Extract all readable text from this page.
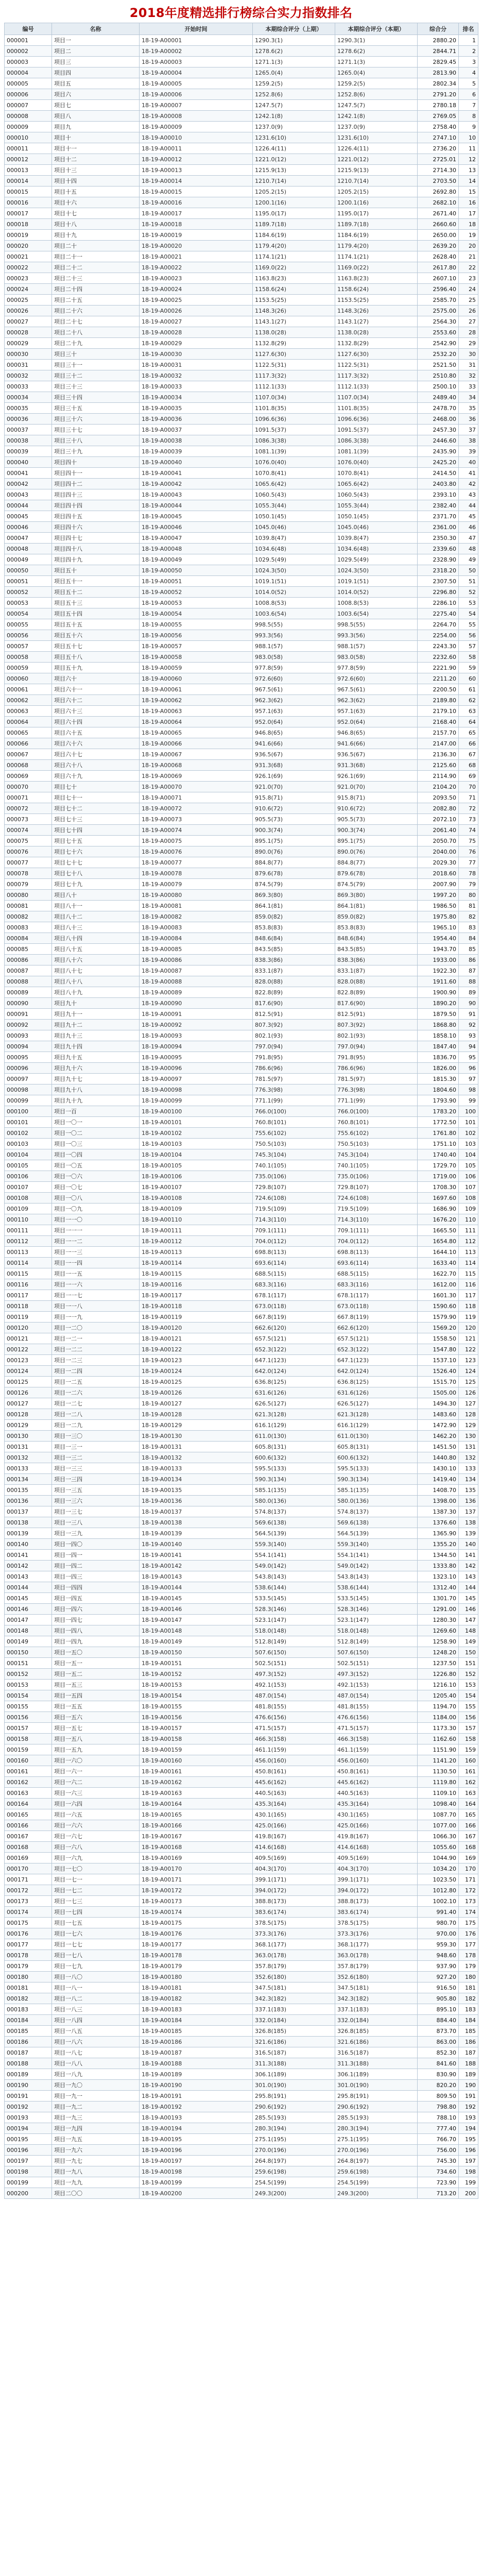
2018年度精选排行榜综合实力指数排名
编号	名称	开始时间	本期综合评分（上期）	本期综合评分（本期）	综合分	排名
000001	项目一	18-19-A00001	1290.3(1)	1290.3(1)	2880.20	1
000002	项目二	18-19-A00002	1278.6(2)	1278.6(2)	2844.71	2
000003	项目三	18-19-A00003	1271.1(3)	1271.1(3)	2829.45	3
000004	项目四	18-19-A00004	1265.0(4)	1265.0(4)	2813.90	4
000005	项目五	18-19-A00005	1259.2(5)	1259.2(5)	2802.34	5
000006	项目六	18-19-A00006	1252.8(6)	1252.8(6)	2791.20	6
000007	项目七	18-19-A00007	1247.5(7)	1247.5(7)	2780.18	7
000008	项目八	18-19-A00008	1242.1(8)	1242.1(8)	2769.05	8
000009	项目九	18-19-A00009	1237.0(9)	1237.0(9)	2758.40	9
000010	项目十	18-19-A00010	1231.6(10)	1231.6(10)	2747.10	10
000011	项目十一	18-19-A00011	1226.4(11)	1226.4(11)	2736.20	11
000012	项目十二	18-19-A00012	1221.0(12)	1221.0(12)	2725.01	12
000013	项目十三	18-19-A00013	1215.9(13)	1215.9(13)	2714.30	13
000014	项目十四	18-19-A00014	1210.7(14)	1210.7(14)	2703.50	14
000015	项目十五	18-19-A00015	1205.2(15)	1205.2(15)	2692.80	15
000016	项目十六	18-19-A00016	1200.1(16)	1200.1(16)	2682.10	16
000017	项目十七	18-19-A00017	1195.0(17)	1195.0(17)	2671.40	17
000018	项目十八	18-19-A00018	1189.7(18)	1189.7(18)	2660.60	18
000019	项目十九	18-19-A00019	1184.6(19)	1184.6(19)	2650.00	19
000020	项目二十	18-19-A00020	1179.4(20)	1179.4(20)	2639.20	20
000021	项目二十一	18-19-A00021	1174.1(21)	1174.1(21)	2628.40	21
000022	项目二十二	18-19-A00022	1169.0(22)	1169.0(22)	2617.80	22
000023	项目二十三	18-19-A00023	1163.8(23)	1163.8(23)	2607.10	23
000024	项目二十四	18-19-A00024	1158.6(24)	1158.6(24)	2596.40	24
000025	项目二十五	18-19-A00025	1153.5(25)	1153.5(25)	2585.70	25
000026	项目二十六	18-19-A00026	1148.3(26)	1148.3(26)	2575.00	26
000027	项目二十七	18-19-A00027	1143.1(27)	1143.1(27)	2564.30	27
000028	项目二十八	18-19-A00028	1138.0(28)	1138.0(28)	2553.60	28
000029	项目二十九	18-19-A00029	1132.8(29)	1132.8(29)	2542.90	29
000030	项目三十	18-19-A00030	1127.6(30)	1127.6(30)	2532.20	30
000031	项目三十一	18-19-A00031	1122.5(31)	1122.5(31)	2521.50	31
000032	项目三十二	18-19-A00032	1117.3(32)	1117.3(32)	2510.80	32
000033	项目三十三	18-19-A00033	1112.1(33)	1112.1(33)	2500.10	33
000034	项目三十四	18-19-A00034	1107.0(34)	1107.0(34)	2489.40	34
000035	项目三十五	18-19-A00035	1101.8(35)	1101.8(35)	2478.70	35
000036	项目三十六	18-19-A00036	1096.6(36)	1096.6(36)	2468.00	36
000037	项目三十七	18-19-A00037	1091.5(37)	1091.5(37)	2457.30	37
000038	项目三十八	18-19-A00038	1086.3(38)	1086.3(38)	2446.60	38
000039	项目三十九	18-19-A00039	1081.1(39)	1081.1(39)	2435.90	39
000040	项目四十	18-19-A00040	1076.0(40)	1076.0(40)	2425.20	40
000041	项目四十一	18-19-A00041	1070.8(41)	1070.8(41)	2414.50	41
000042	项目四十二	18-19-A00042	1065.6(42)	1065.6(42)	2403.80	42
000043	项目四十三	18-19-A00043	1060.5(43)	1060.5(43)	2393.10	43
000044	项目四十四	18-19-A00044	1055.3(44)	1055.3(44)	2382.40	44
000045	项目四十五	18-19-A00045	1050.1(45)	1050.1(45)	2371.70	45
000046	项目四十六	18-19-A00046	1045.0(46)	1045.0(46)	2361.00	46
000047	项目四十七	18-19-A00047	1039.8(47)	1039.8(47)	2350.30	47
000048	项目四十八	18-19-A00048	1034.6(48)	1034.6(48)	2339.60	48
000049	项目四十九	18-19-A00049	1029.5(49)	1029.5(49)	2328.90	49
000050	项目五十	18-19-A00050	1024.3(50)	1024.3(50)	2318.20	50
000051	项目五十一	18-19-A00051	1019.1(51)	1019.1(51)	2307.50	51
000052	项目五十二	18-19-A00052	1014.0(52)	1014.0(52)	2296.80	52
000053	项目五十三	18-19-A00053	1008.8(53)	1008.8(53)	2286.10	53
000054	项目五十四	18-19-A00054	1003.6(54)	1003.6(54)	2275.40	54
000055	项目五十五	18-19-A00055	998.5(55)	998.5(55)	2264.70	55
000056	项目五十六	18-19-A00056	993.3(56)	993.3(56)	2254.00	56
000057	项目五十七	18-19-A00057	988.1(57)	988.1(57)	2243.30	57
000058	项目五十八	18-19-A00058	983.0(58)	983.0(58)	2232.60	58
000059	项目五十九	18-19-A00059	977.8(59)	977.8(59)	2221.90	59
000060	项目六十	18-19-A00060	972.6(60)	972.6(60)	2211.20	60
000061	项目六十一	18-19-A00061	967.5(61)	967.5(61)	2200.50	61
000062	项目六十二	18-19-A00062	962.3(62)	962.3(62)	2189.80	62
000063	项目六十三	18-19-A00063	957.1(63)	957.1(63)	2179.10	63
000064	项目六十四	18-19-A00064	952.0(64)	952.0(64)	2168.40	64
000065	项目六十五	18-19-A00065	946.8(65)	946.8(65)	2157.70	65
000066	项目六十六	18-19-A00066	941.6(66)	941.6(66)	2147.00	66
000067	项目六十七	18-19-A00067	936.5(67)	936.5(67)	2136.30	67
000068	项目六十八	18-19-A00068	931.3(68)	931.3(68)	2125.60	68
000069	项目六十九	18-19-A00069	926.1(69)	926.1(69)	2114.90	69
000070	项目七十	18-19-A00070	921.0(70)	921.0(70)	2104.20	70
000071	项目七十一	18-19-A00071	915.8(71)	915.8(71)	2093.50	71
000072	项目七十二	18-19-A00072	910.6(72)	910.6(72)	2082.80	72
000073	项目七十三	18-19-A00073	905.5(73)	905.5(73)	2072.10	73
000074	项目七十四	18-19-A00074	900.3(74)	900.3(74)	2061.40	74
000075	项目七十五	18-19-A00075	895.1(75)	895.1(75)	2050.70	75
000076	项目七十六	18-19-A00076	890.0(76)	890.0(76)	2040.00	76
000077	项目七十七	18-19-A00077	884.8(77)	884.8(77)	2029.30	77
000078	项目七十八	18-19-A00078	879.6(78)	879.6(78)	2018.60	78
000079	项目七十九	18-19-A00079	874.5(79)	874.5(79)	2007.90	79
000080	项目八十	18-19-A00080	869.3(80)	869.3(80)	1997.20	80
000081	项目八十一	18-19-A00081	864.1(81)	864.1(81)	1986.50	81
000082	项目八十二	18-19-A00082	859.0(82)	859.0(82)	1975.80	82
000083	项目八十三	18-19-A00083	853.8(83)	853.8(83)	1965.10	83
000084	项目八十四	18-19-A00084	848.6(84)	848.6(84)	1954.40	84
000085	项目八十五	18-19-A00085	843.5(85)	843.5(85)	1943.70	85
000086	项目八十六	18-19-A00086	838.3(86)	838.3(86)	1933.00	86
000087	项目八十七	18-19-A00087	833.1(87)	833.1(87)	1922.30	87
000088	项目八十八	18-19-A00088	828.0(88)	828.0(88)	1911.60	88
000089	项目八十九	18-19-A00089	822.8(89)	822.8(89)	1900.90	89
000090	项目九十	18-19-A00090	817.6(90)	817.6(90)	1890.20	90
000091	项目九十一	18-19-A00091	812.5(91)	812.5(91)	1879.50	91
000092	项目九十二	18-19-A00092	807.3(92)	807.3(92)	1868.80	92
000093	项目九十三	18-19-A00093	802.1(93)	802.1(93)	1858.10	93
000094	项目九十四	18-19-A00094	797.0(94)	797.0(94)	1847.40	94
000095	项目九十五	18-19-A00095	791.8(95)	791.8(95)	1836.70	95
000096	项目九十六	18-19-A00096	786.6(96)	786.6(96)	1826.00	96
000097	项目九十七	18-19-A00097	781.5(97)	781.5(97)	1815.30	97
000098	项目九十八	18-19-A00098	776.3(98)	776.3(98)	1804.60	98
000099	项目九十九	18-19-A00099	771.1(99)	771.1(99)	1793.90	99
000100	项目一百	18-19-A00100	766.0(100)	766.0(100)	1783.20	100
000101	项目一〇一	18-19-A00101	760.8(101)	760.8(101)	1772.50	101
000102	项目一〇二	18-19-A00102	755.6(102)	755.6(102)	1761.80	102
000103	项目一〇三	18-19-A00103	750.5(103)	750.5(103)	1751.10	103
000104	项目一〇四	18-19-A00104	745.3(104)	745.3(104)	1740.40	104
000105	项目一〇五	18-19-A00105	740.1(105)	740.1(105)	1729.70	105
000106	项目一〇六	18-19-A00106	735.0(106)	735.0(106)	1719.00	106
000107	项目一〇七	18-19-A00107	729.8(107)	729.8(107)	1708.30	107
000108	项目一〇八	18-19-A00108	724.6(108)	724.6(108)	1697.60	108
000109	项目一〇九	18-19-A00109	719.5(109)	719.5(109)	1686.90	109
000110	项目一一〇	18-19-A00110	714.3(110)	714.3(110)	1676.20	110
000111	项目一一一	18-19-A00111	709.1(111)	709.1(111)	1665.50	111
000112	项目一一二	18-19-A00112	704.0(112)	704.0(112)	1654.80	112
000113	项目一一三	18-19-A00113	698.8(113)	698.8(113)	1644.10	113
000114	项目一一四	18-19-A00114	693.6(114)	693.6(114)	1633.40	114
000115	项目一一五	18-19-A00115	688.5(115)	688.5(115)	1622.70	115
000116	项目一一六	18-19-A00116	683.3(116)	683.3(116)	1612.00	116
000117	项目一一七	18-19-A00117	678.1(117)	678.1(117)	1601.30	117
000118	项目一一八	18-19-A00118	673.0(118)	673.0(118)	1590.60	118
000119	项目一一九	18-19-A00119	667.8(119)	667.8(119)	1579.90	119
000120	项目一二〇	18-19-A00120	662.6(120)	662.6(120)	1569.20	120
000121	项目一二一	18-19-A00121	657.5(121)	657.5(121)	1558.50	121
000122	项目一二二	18-19-A00122	652.3(122)	652.3(122)	1547.80	122
000123	项目一二三	18-19-A00123	647.1(123)	647.1(123)	1537.10	123
000124	项目一二四	18-19-A00124	642.0(124)	642.0(124)	1526.40	124
000125	项目一二五	18-19-A00125	636.8(125)	636.8(125)	1515.70	125
000126	项目一二六	18-19-A00126	631.6(126)	631.6(126)	1505.00	126
000127	项目一二七	18-19-A00127	626.5(127)	626.5(127)	1494.30	127
000128	项目一二八	18-19-A00128	621.3(128)	621.3(128)	1483.60	128
000129	项目一二九	18-19-A00129	616.1(129)	616.1(129)	1472.90	129
000130	项目一三〇	18-19-A00130	611.0(130)	611.0(130)	1462.20	130
000131	项目一三一	18-19-A00131	605.8(131)	605.8(131)	1451.50	131
000132	项目一三二	18-19-A00132	600.6(132)	600.6(132)	1440.80	132
000133	项目一三三	18-19-A00133	595.5(133)	595.5(133)	1430.10	133
000134	项目一三四	18-19-A00134	590.3(134)	590.3(134)	1419.40	134
000135	项目一三五	18-19-A00135	585.1(135)	585.1(135)	1408.70	135
000136	项目一三六	18-19-A00136	580.0(136)	580.0(136)	1398.00	136
000137	项目一三七	18-19-A00137	574.8(137)	574.8(137)	1387.30	137
000138	项目一三八	18-19-A00138	569.6(138)	569.6(138)	1376.60	138
000139	项目一三九	18-19-A00139	564.5(139)	564.5(139)	1365.90	139
000140	项目一四〇	18-19-A00140	559.3(140)	559.3(140)	1355.20	140
000141	项目一四一	18-19-A00141	554.1(141)	554.1(141)	1344.50	141
000142	项目一四二	18-19-A00142	549.0(142)	549.0(142)	1333.80	142
000143	项目一四三	18-19-A00143	543.8(143)	543.8(143)	1323.10	143
000144	项目一四四	18-19-A00144	538.6(144)	538.6(144)	1312.40	144
000145	项目一四五	18-19-A00145	533.5(145)	533.5(145)	1301.70	145
000146	项目一四六	18-19-A00146	528.3(146)	528.3(146)	1291.00	146
000147	项目一四七	18-19-A00147	523.1(147)	523.1(147)	1280.30	147
000148	项目一四八	18-19-A00148	518.0(148)	518.0(148)	1269.60	148
000149	项目一四九	18-19-A00149	512.8(149)	512.8(149)	1258.90	149
000150	项目一五〇	18-19-A00150	507.6(150)	507.6(150)	1248.20	150
000151	项目一五一	18-19-A00151	502.5(151)	502.5(151)	1237.50	151
000152	项目一五二	18-19-A00152	497.3(152)	497.3(152)	1226.80	152
000153	项目一五三	18-19-A00153	492.1(153)	492.1(153)	1216.10	153
000154	项目一五四	18-19-A00154	487.0(154)	487.0(154)	1205.40	154
000155	项目一五五	18-19-A00155	481.8(155)	481.8(155)	1194.70	155
000156	项目一五六	18-19-A00156	476.6(156)	476.6(156)	1184.00	156
000157	项目一五七	18-19-A00157	471.5(157)	471.5(157)	1173.30	157
000158	项目一五八	18-19-A00158	466.3(158)	466.3(158)	1162.60	158
000159	项目一五九	18-19-A00159	461.1(159)	461.1(159)	1151.90	159
000160	项目一六〇	18-19-A00160	456.0(160)	456.0(160)	1141.20	160
000161	项目一六一	18-19-A00161	450.8(161)	450.8(161)	1130.50	161
000162	项目一六二	18-19-A00162	445.6(162)	445.6(162)	1119.80	162
000163	项目一六三	18-19-A00163	440.5(163)	440.5(163)	1109.10	163
000164	项目一六四	18-19-A00164	435.3(164)	435.3(164)	1098.40	164
000165	项目一六五	18-19-A00165	430.1(165)	430.1(165)	1087.70	165
000166	项目一六六	18-19-A00166	425.0(166)	425.0(166)	1077.00	166
000167	项目一六七	18-19-A00167	419.8(167)	419.8(167)	1066.30	167
000168	项目一六八	18-19-A00168	414.6(168)	414.6(168)	1055.60	168
000169	项目一六九	18-19-A00169	409.5(169)	409.5(169)	1044.90	169
000170	项目一七〇	18-19-A00170	404.3(170)	404.3(170)	1034.20	170
000171	项目一七一	18-19-A00171	399.1(171)	399.1(171)	1023.50	171
000172	项目一七二	18-19-A00172	394.0(172)	394.0(172)	1012.80	172
000173	项目一七三	18-19-A00173	388.8(173)	388.8(173)	1002.10	173
000174	项目一七四	18-19-A00174	383.6(174)	383.6(174)	991.40	174
000175	项目一七五	18-19-A00175	378.5(175)	378.5(175)	980.70	175
000176	项目一七六	18-19-A00176	373.3(176)	373.3(176)	970.00	176
000177	项目一七七	18-19-A00177	368.1(177)	368.1(177)	959.30	177
000178	项目一七八	18-19-A00178	363.0(178)	363.0(178)	948.60	178
000179	项目一七九	18-19-A00179	357.8(179)	357.8(179)	937.90	179
000180	项目一八〇	18-19-A00180	352.6(180)	352.6(180)	927.20	180
000181	项目一八一	18-19-A00181	347.5(181)	347.5(181)	916.50	181
000182	项目一八二	18-19-A00182	342.3(182)	342.3(182)	905.80	182
000183	项目一八三	18-19-A00183	337.1(183)	337.1(183)	895.10	183
000184	项目一八四	18-19-A00184	332.0(184)	332.0(184)	884.40	184
000185	项目一八五	18-19-A00185	326.8(185)	326.8(185)	873.70	185
000186	项目一八六	18-19-A00186	321.6(186)	321.6(186)	863.00	186
000187	项目一八七	18-19-A00187	316.5(187)	316.5(187)	852.30	187
000188	项目一八八	18-19-A00188	311.3(188)	311.3(188)	841.60	188
000189	项目一八九	18-19-A00189	306.1(189)	306.1(189)	830.90	189
000190	项目一九〇	18-19-A00190	301.0(190)	301.0(190)	820.20	190
000191	项目一九一	18-19-A00191	295.8(191)	295.8(191)	809.50	191
000192	项目一九二	18-19-A00192	290.6(192)	290.6(192)	798.80	192
000193	项目一九三	18-19-A00193	285.5(193)	285.5(193)	788.10	193
000194	项目一九四	18-19-A00194	280.3(194)	280.3(194)	777.40	194
000195	项目一九五	18-19-A00195	275.1(195)	275.1(195)	766.70	195
000196	项目一九六	18-19-A00196	270.0(196)	270.0(196)	756.00	196
000197	项目一九七	18-19-A00197	264.8(197)	264.8(197)	745.30	197
000198	项目一九八	18-19-A00198	259.6(198)	259.6(198)	734.60	198
000199	项目一九九	18-19-A00199	254.5(199)	254.5(199)	723.90	199
000200	项目二〇〇	18-19-A00200	249.3(200)	249.3(200)	713.20	200
